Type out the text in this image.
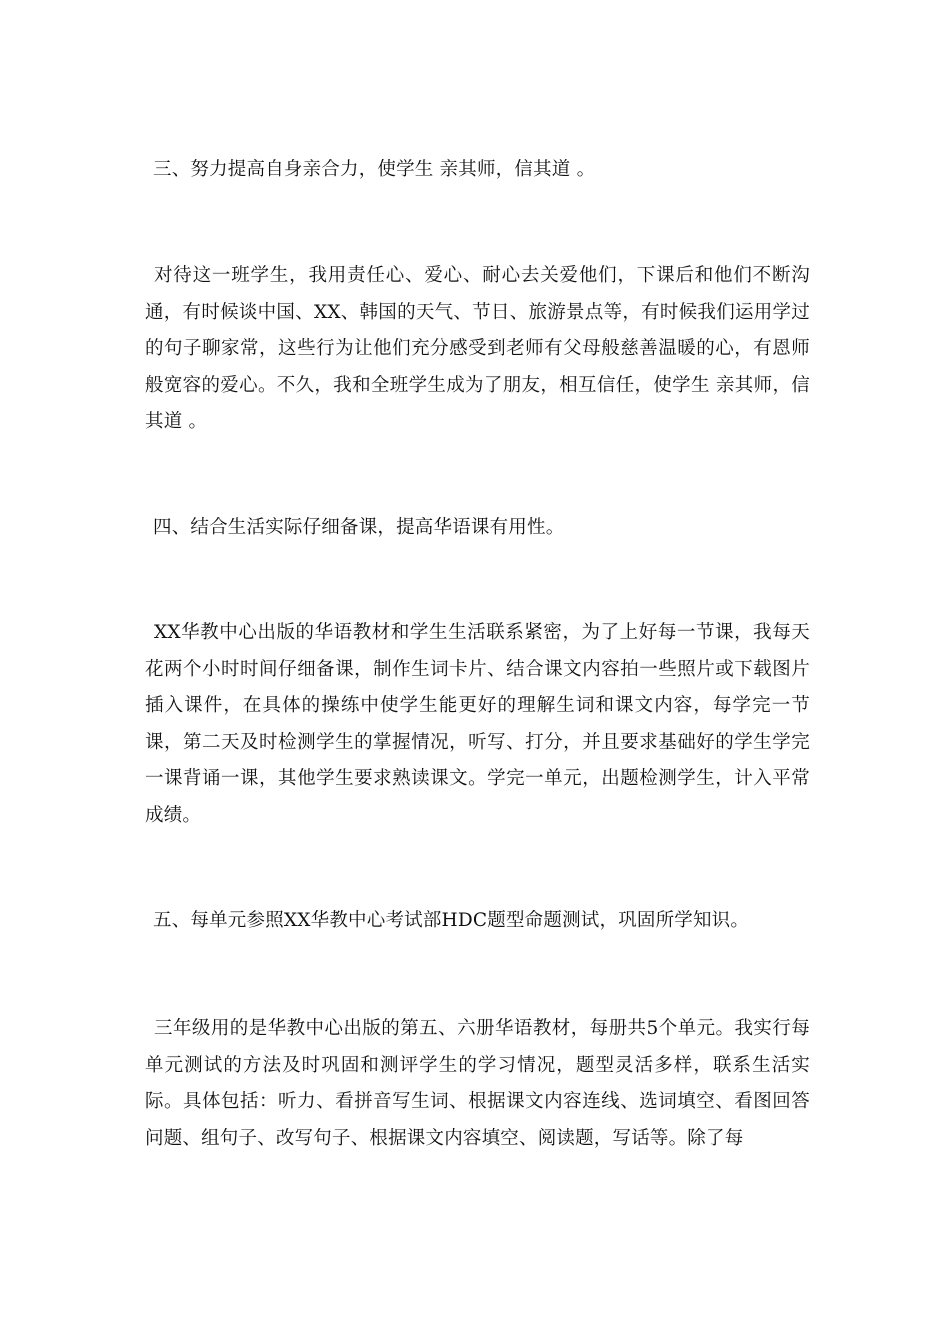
三、努力提高自身亲合力，使学生 亲其师，信其道 。

对待这一班学生，我用责任心、爱心、耐心去关爱他们，下课后和他们不断沟通，有时候谈中国、XX、韩国的天气、节日、旅游景点等，有时候我们运用学过的句子聊家常，这些行为让他们充分感受到老师有父母般慈善温暖的心，有恩师般宽容的爱心。不久，我和全班学生成为了朋友，相互信任，使学生 亲其师，信其道 。

四、结合生活实际仔细备课，提高华语课有用性。

XX华教中心出版的华语教材和学生生活联系紧密，为了上好每一节课，我每天花两个小时时间仔细备课，制作生词卡片、结合课文内容拍一些照片或下载图片插入课件，在具体的操练中使学生能更好的理解生词和课文内容，每学完一节课，第二天及时检测学生的掌握情况，听写、打分，并且要求基础好的学生学完一课背诵一课，其他学生要求熟读课文。学完一单元，出题检测学生，计入平常成绩。

五、每单元参照XX华教中心考试部HDC题型命题测试，巩固所学知识。

三年级用的是华教中心出版的第五、六册华语教材，每册共5个单元。我实行每单元测试的方法及时巩固和测评学生的学习情况，题型灵活多样，联系生活实际。具体包括：听力、看拼音写生词、根据课文内容连线、选词填空、看图回答问题、组句子、改写句子、根据课文内容填空、阅读题，写话等。除了每
